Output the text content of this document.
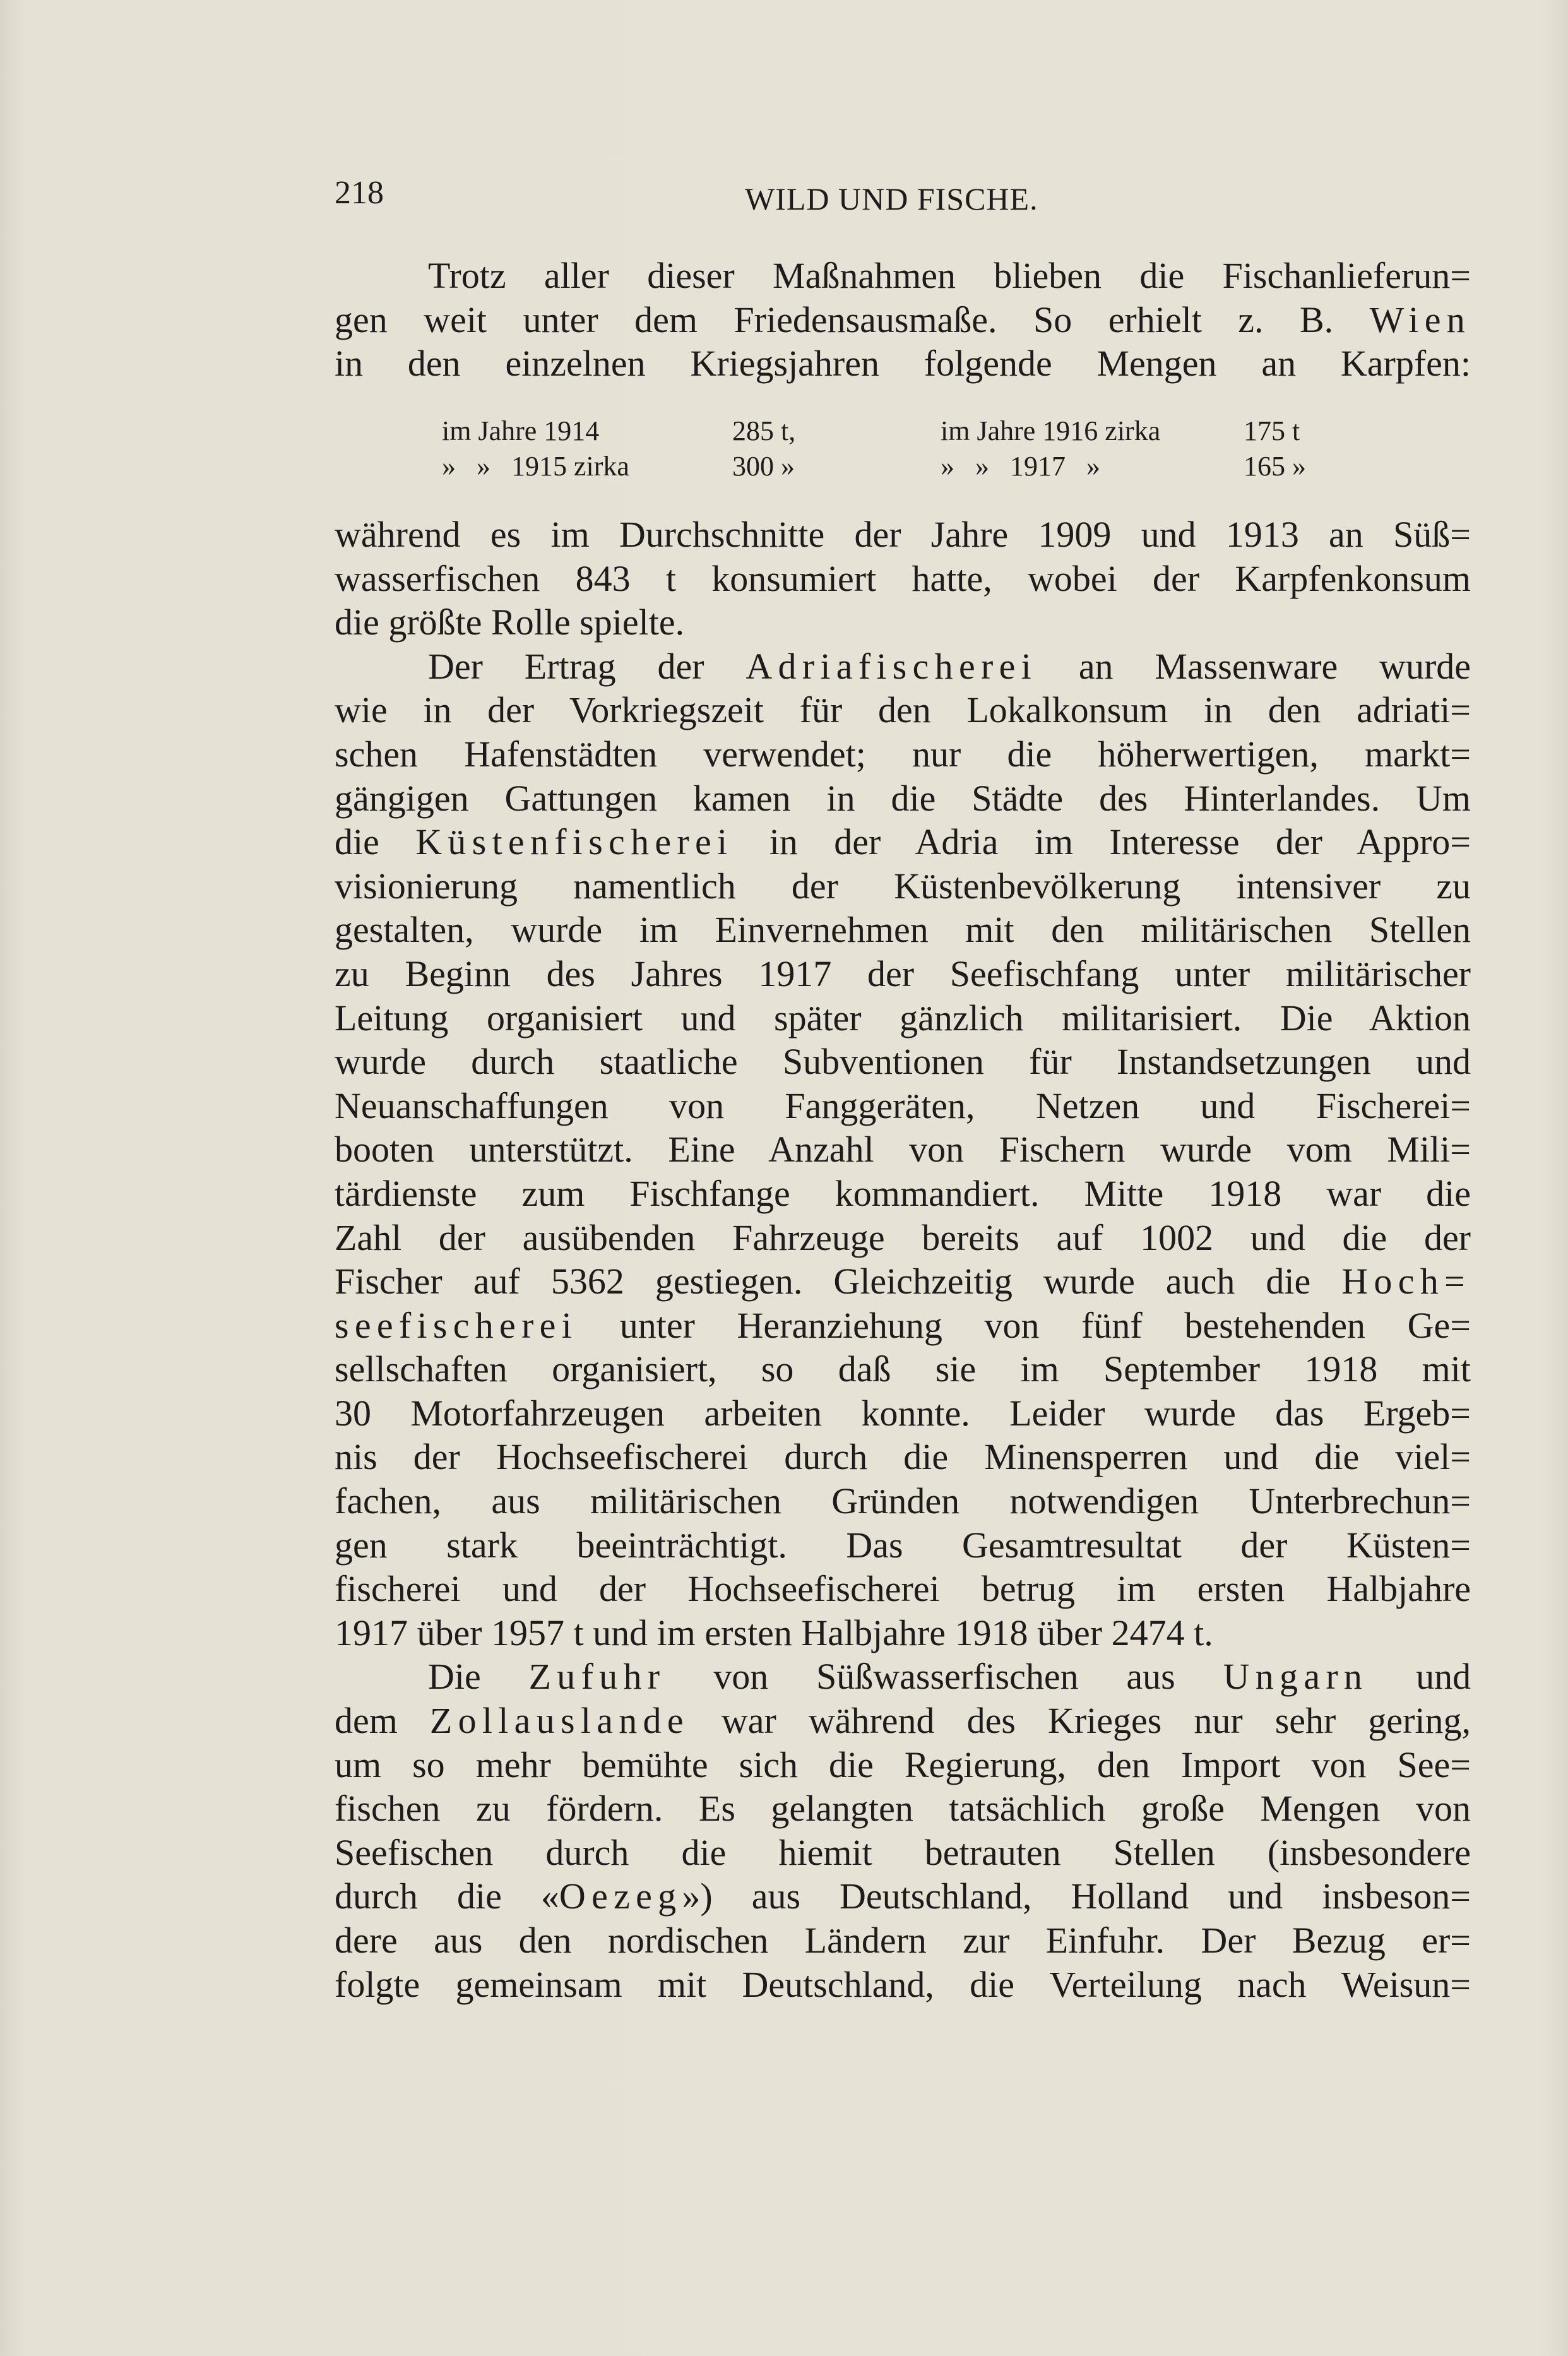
218	WILD UND FISCHE.
Trotz aller dieser Maßnahmen blieben die Fischanlieferun=
gen weit unter dem Friedensausmaße. So erhielt z. B. Wien
in den einzelnen Kriegsjahren folgende Mengen an Karpfen:
im Jahre 1914	285 t,	im Jahre 1916 zirka	175 t
»   »   1915 zirka	300 »	»   »   1917   »	165 »
während es im Durchschnitte der Jahre 1909 und 1913 an Süß=
wasserfischen 843 t konsumiert hatte, wobei der Karpfenkonsum
die größte Rolle spielte.
Der Ertrag der Adriafischerei an Massenware wurde
wie in der Vorkriegszeit für den Lokalkonsum in den adriati=
schen Hafenstädten verwendet; nur die höherwertigen, markt=
gängigen Gattungen kamen in die Städte des Hinterlandes. Um
die Küstenfischerei in der Adria im Interesse der Appro=
visionierung namentlich der Küstenbevölkerung intensiver zu
gestalten, wurde im Einvernehmen mit den militärischen Stellen
zu Beginn des Jahres 1917 der Seefischfang unter militärischer
Leitung organisiert und später gänzlich militarisiert. Die Aktion
wurde durch staatliche Subventionen für Instandsetzungen und
Neuanschaffungen von Fanggeräten, Netzen und Fischerei=
booten unterstützt. Eine Anzahl von Fischern wurde vom Mili=
tärdienste zum Fischfange kommandiert. Mitte 1918 war die
Zahl der ausübenden Fahrzeuge bereits auf 1002 und die der
Fischer auf 5362 gestiegen. Gleichzeitig wurde auch die Hoch=
seefischerei unter Heranziehung von fünf bestehenden Ge=
sellschaften organisiert, so daß sie im September 1918 mit
30 Motorfahrzeugen arbeiten konnte. Leider wurde das Ergeb=
nis der Hochseefischerei durch die Minensperren und die viel=
fachen, aus militärischen Gründen notwendigen Unterbrechun=
gen stark beeinträchtigt. Das Gesamtresultat der Küsten=
fischerei und der Hochseefischerei betrug im ersten Halbjahre
1917 über 1957 t und im ersten Halbjahre 1918 über 2474 t.
Die Zufuhr von Süßwasserfischen aus Ungarn und
dem Zollauslande war während des Krieges nur sehr gering,
um so mehr bemühte sich die Regierung, den Import von See=
fischen zu fördern. Es gelangten tatsächlich große Mengen von
Seefischen durch die hiemit betrauten Stellen (insbesondere
durch die «Oezeg») aus Deutschland, Holland und insbeson=
dere aus den nordischen Ländern zur Einfuhr. Der Bezug er=
folgte gemeinsam mit Deutschland, die Verteilung nach Weisun=
